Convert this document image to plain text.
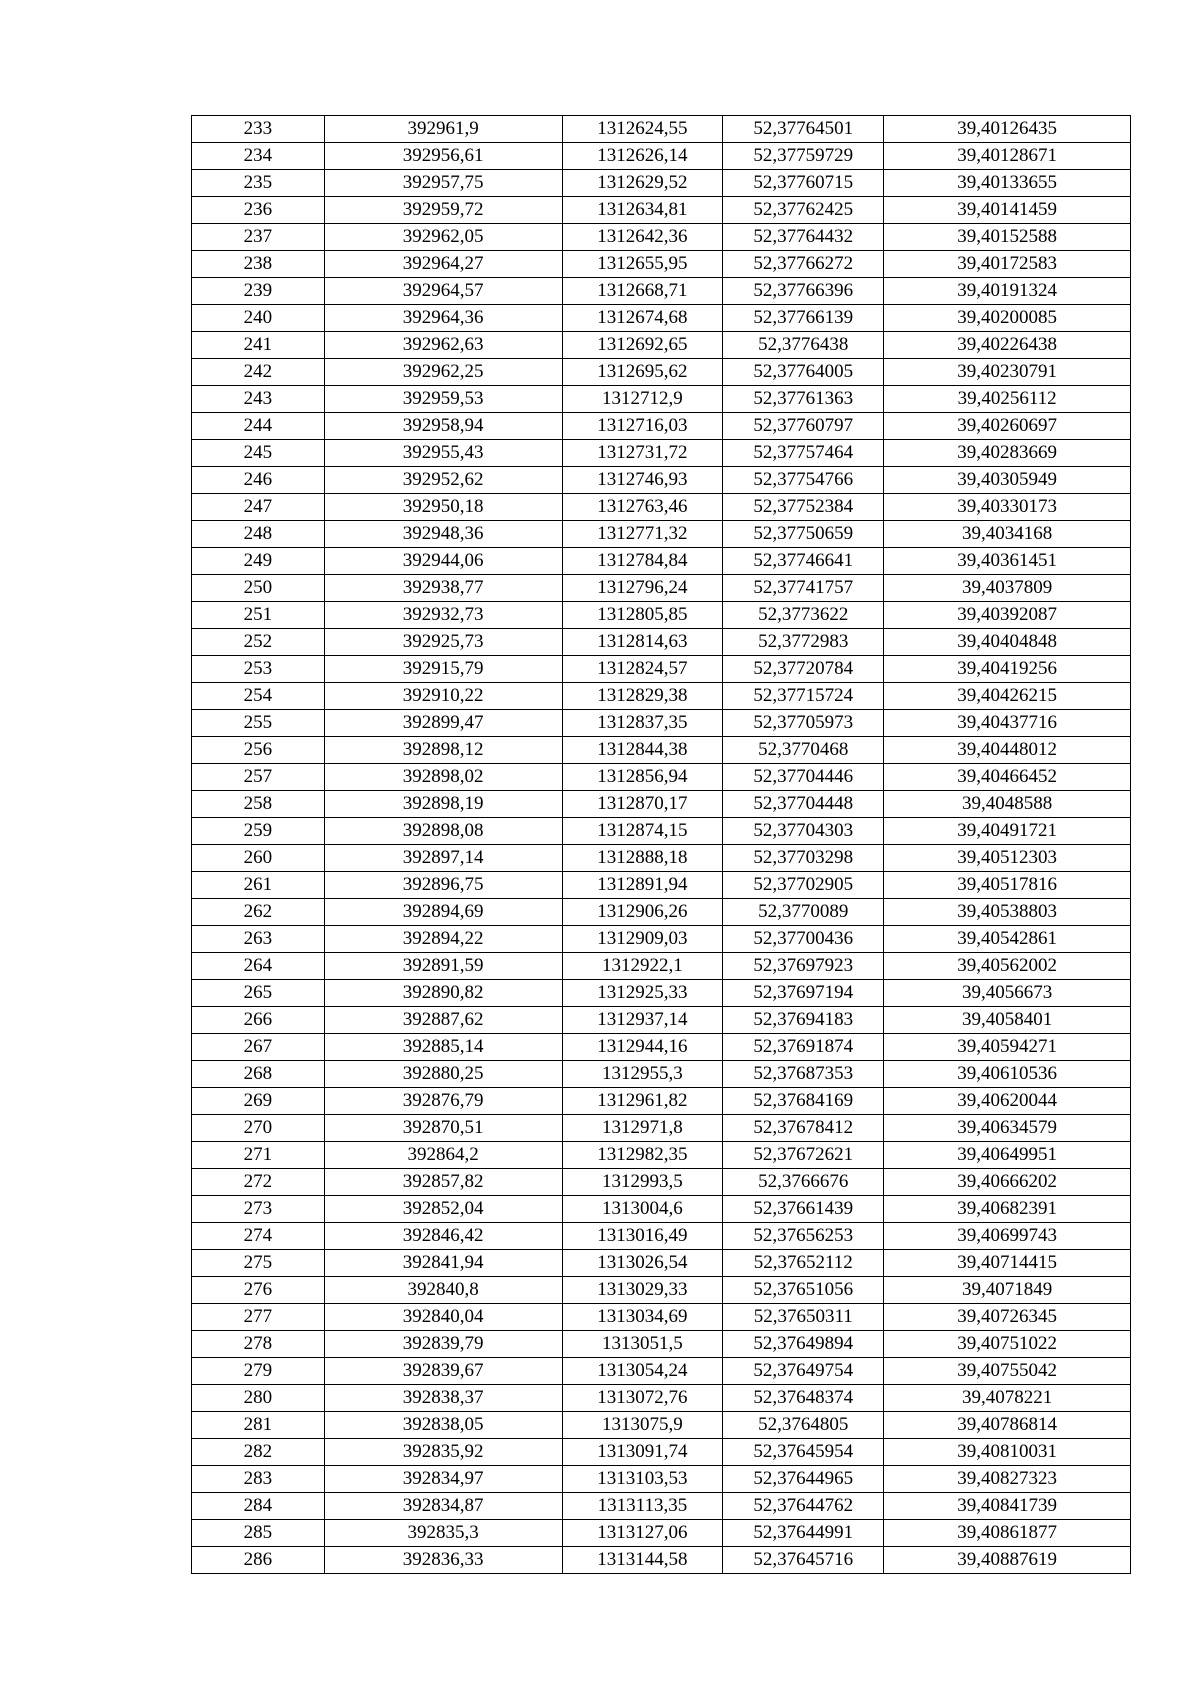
233	392961,9	1312624,55	52,37764501	39,40126435
234	392956,61	1312626,14	52,37759729	39,40128671
235	392957,75	1312629,52	52,37760715	39,40133655
236	392959,72	1312634,81	52,37762425	39,40141459
237	392962,05	1312642,36	52,37764432	39,40152588
238	392964,27	1312655,95	52,37766272	39,40172583
239	392964,57	1312668,71	52,37766396	39,40191324
240	392964,36	1312674,68	52,37766139	39,40200085
241	392962,63	1312692,65	52,3776438	39,40226438
242	392962,25	1312695,62	52,37764005	39,40230791
243	392959,53	1312712,9	52,37761363	39,40256112
244	392958,94	1312716,03	52,37760797	39,40260697
245	392955,43	1312731,72	52,37757464	39,40283669
246	392952,62	1312746,93	52,37754766	39,40305949
247	392950,18	1312763,46	52,37752384	39,40330173
248	392948,36	1312771,32	52,37750659	39,4034168
249	392944,06	1312784,84	52,37746641	39,40361451
250	392938,77	1312796,24	52,37741757	39,4037809
251	392932,73	1312805,85	52,3773622	39,40392087
252	392925,73	1312814,63	52,3772983	39,40404848
253	392915,79	1312824,57	52,37720784	39,40419256
254	392910,22	1312829,38	52,37715724	39,40426215
255	392899,47	1312837,35	52,37705973	39,40437716
256	392898,12	1312844,38	52,3770468	39,40448012
257	392898,02	1312856,94	52,37704446	39,40466452
258	392898,19	1312870,17	52,37704448	39,4048588
259	392898,08	1312874,15	52,37704303	39,40491721
260	392897,14	1312888,18	52,37703298	39,40512303
261	392896,75	1312891,94	52,37702905	39,40517816
262	392894,69	1312906,26	52,3770089	39,40538803
263	392894,22	1312909,03	52,37700436	39,40542861
264	392891,59	1312922,1	52,37697923	39,40562002
265	392890,82	1312925,33	52,37697194	39,4056673
266	392887,62	1312937,14	52,37694183	39,4058401
267	392885,14	1312944,16	52,37691874	39,40594271
268	392880,25	1312955,3	52,37687353	39,40610536
269	392876,79	1312961,82	52,37684169	39,40620044
270	392870,51	1312971,8	52,37678412	39,40634579
271	392864,2	1312982,35	52,37672621	39,40649951
272	392857,82	1312993,5	52,3766676	39,40666202
273	392852,04	1313004,6	52,37661439	39,40682391
274	392846,42	1313016,49	52,37656253	39,40699743
275	392841,94	1313026,54	52,37652112	39,40714415
276	392840,8	1313029,33	52,37651056	39,4071849
277	392840,04	1313034,69	52,37650311	39,40726345
278	392839,79	1313051,5	52,37649894	39,40751022
279	392839,67	1313054,24	52,37649754	39,40755042
280	392838,37	1313072,76	52,37648374	39,4078221
281	392838,05	1313075,9	52,3764805	39,40786814
282	392835,92	1313091,74	52,37645954	39,40810031
283	392834,97	1313103,53	52,37644965	39,40827323
284	392834,87	1313113,35	52,37644762	39,40841739
285	392835,3	1313127,06	52,37644991	39,40861877
286	392836,33	1313144,58	52,37645716	39,40887619
